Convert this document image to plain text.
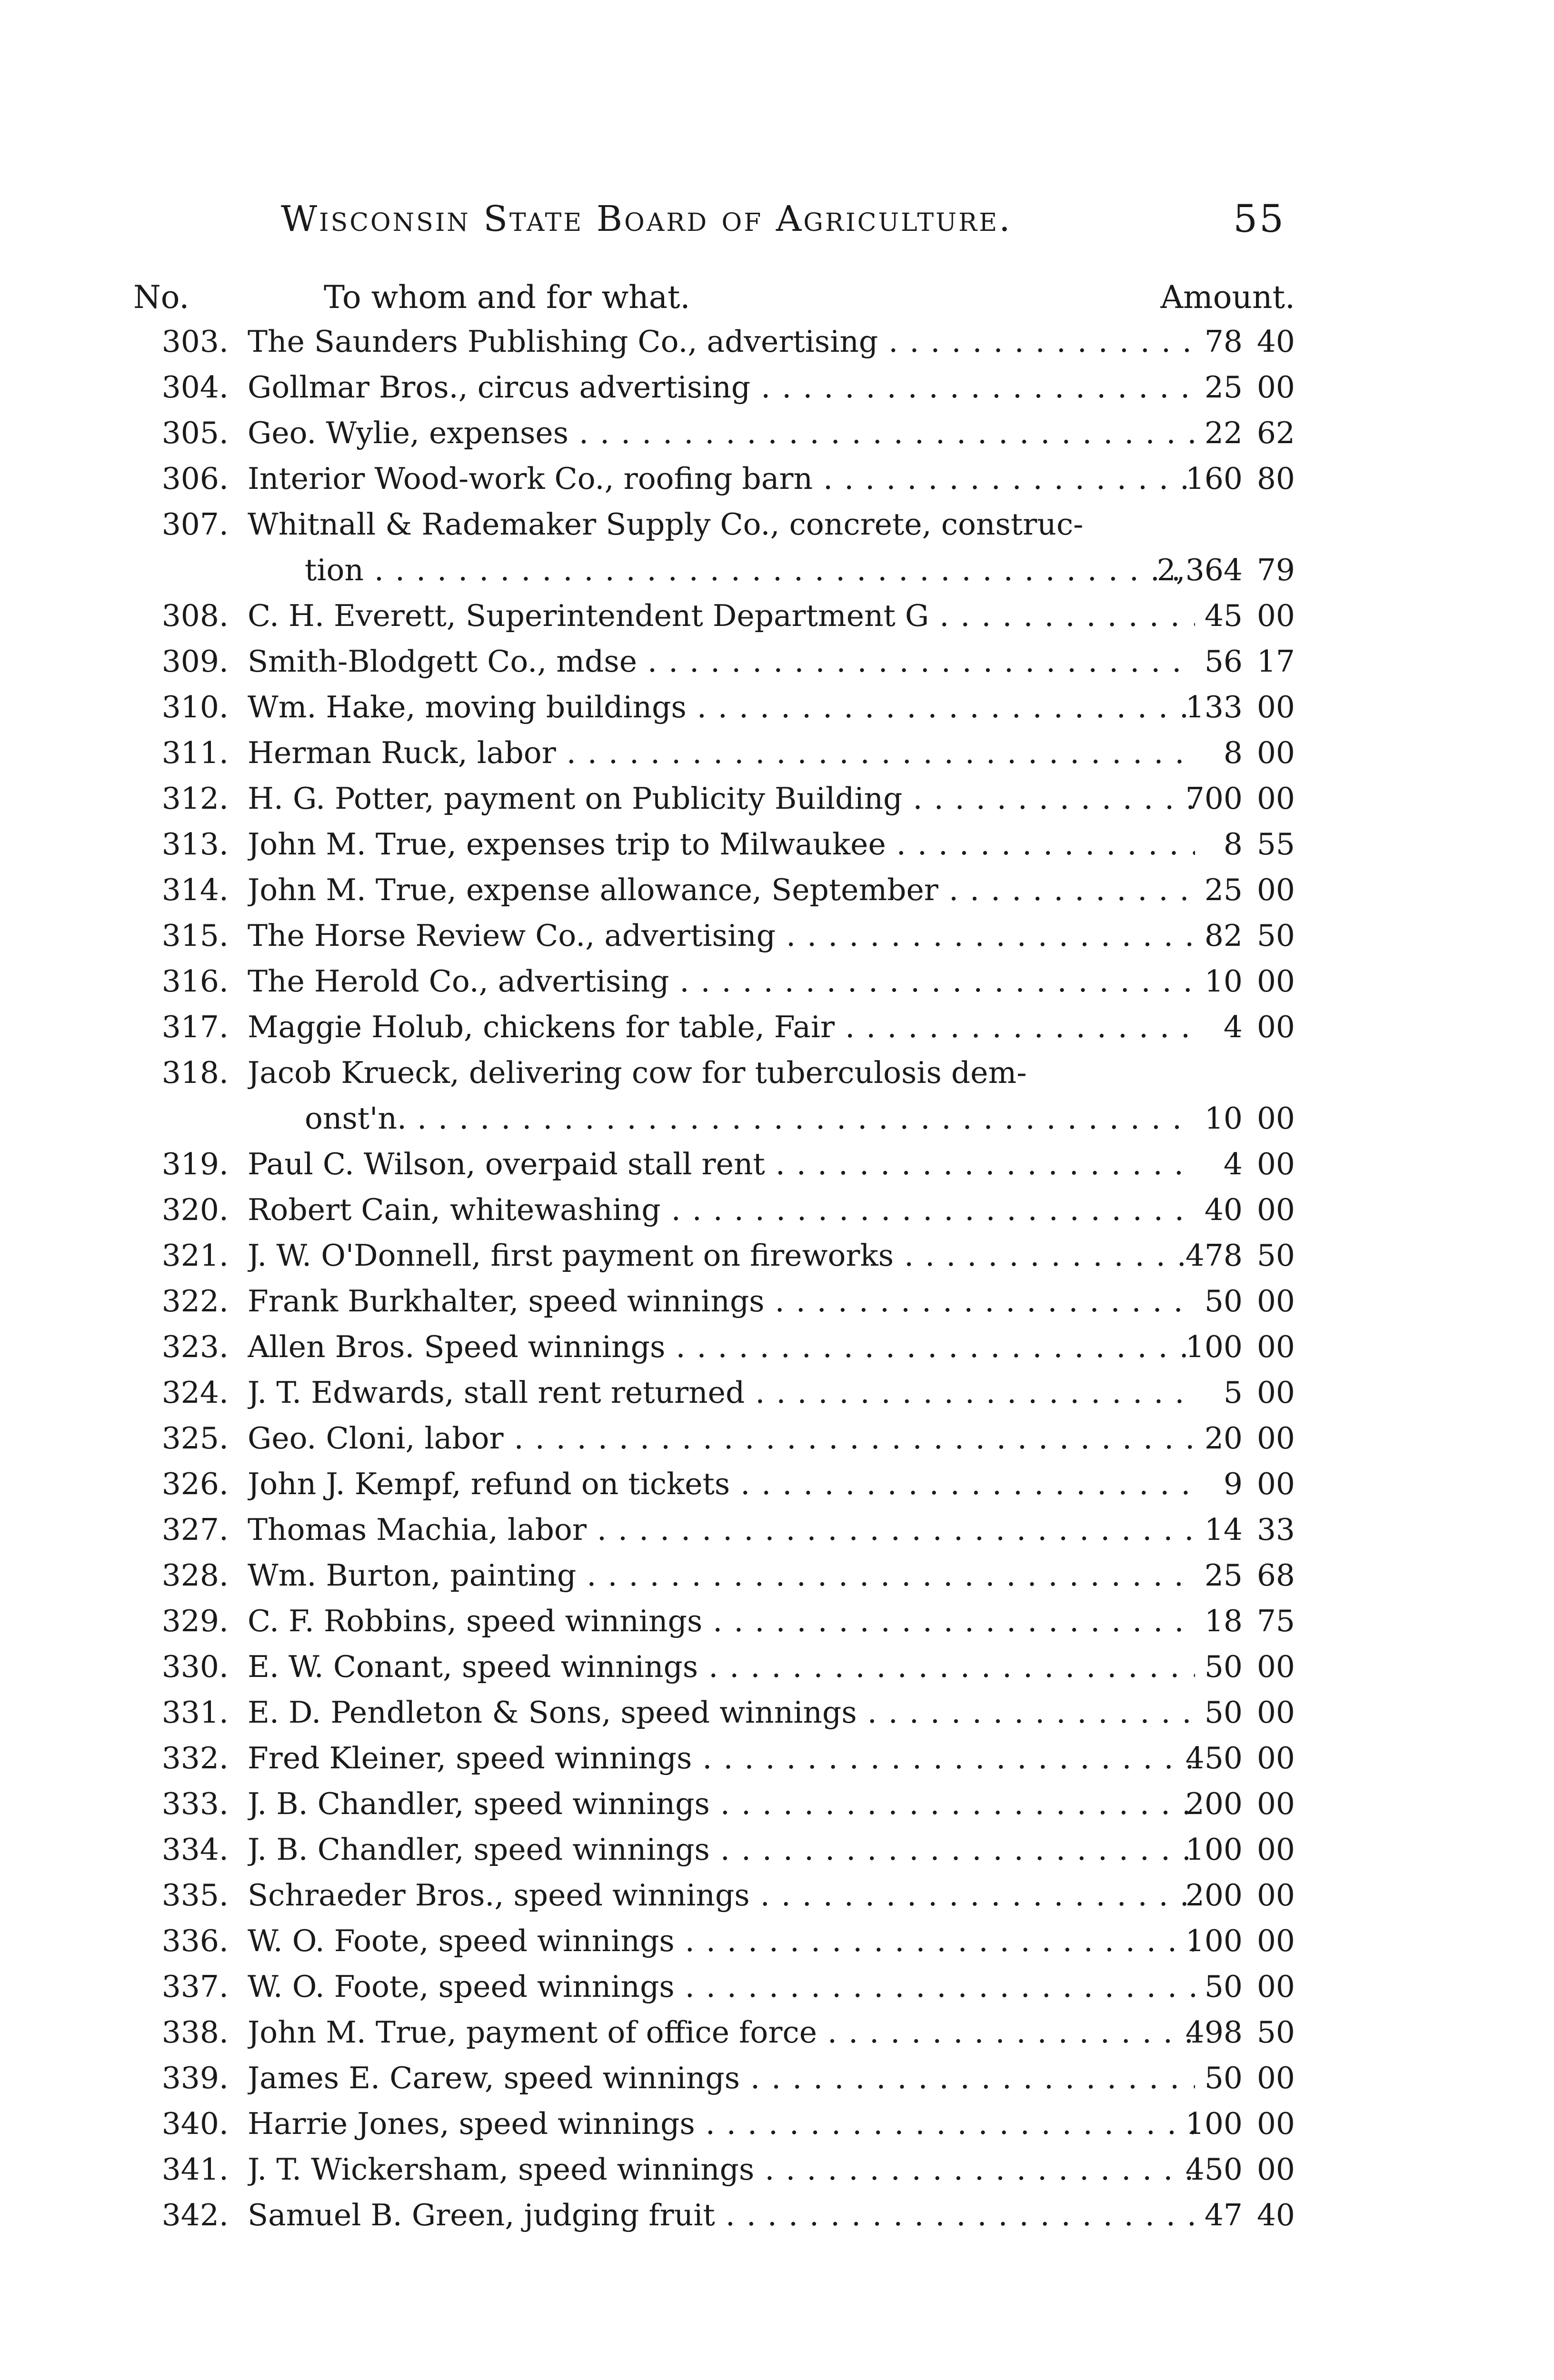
Wisconsin State Board of Agriculture.	55
No.	To whom and for what.	Amount.
303. The Saunders Publishing Co., advertising . . .	78 40
304. Gollmar Bros., circus advertising . . .	25 00
305. Geo. Wylie, expenses . . .	22 62
306. Interior Wood-work Co., roofing barn . . .	160 80
307. Whitnall & Rademaker Supply Co., concrete, construc-
tion . . .	2,364 79
308. C. H. Everett, Superintendent Department G . . .	45 00
309. Smith-Blodgett Co., mdse . . .	56 17
310. Wm. Hake, moving buildings . . .	133 00
311. Herman Ruck, labor . . .	8 00
312. H. G. Potter, payment on Publicity Building . . .	700 00
313. John M. True, expenses trip to Milwaukee . . .	8 55
314. John M. True, expense allowance, September . . .	25 00
315. The Horse Review Co., advertising . . .	82 50
316. The Herold Co., advertising . . .	10 00
317. Maggie Holub, chickens for table, Fair . . .	4 00
318. Jacob Krueck, delivering cow for tuberculosis dem-
onst'n. . . .	10 00
319. Paul C. Wilson, overpaid stall rent . . .	4 00
320. Robert Cain, whitewashing . . .	40 00
321. J. W. O'Donnell, first payment on fireworks . . .	478 50
322. Frank Burkhalter, speed winnings . . .	50 00
323. Allen Bros. Speed winnings . . .	100 00
324. J. T. Edwards, stall rent returned . . .	5 00
325. Geo. Cloni, labor . . .	20 00
326. John J. Kempf, refund on tickets . . .	9 00
327. Thomas Machia, labor . . .	14 33
328. Wm. Burton, painting . . .	25 68
329. C. F. Robbins, speed winnings . . .	18 75
330. E. W. Conant, speed winnings . . .	50 00
331. E. D. Pendleton & Sons, speed winnings . . .	50 00
332. Fred Kleiner, speed winnings . . .	450 00
333. J. B. Chandler, speed winnings . . .	200 00
334. J. B. Chandler, speed winnings . . .	100 00
335. Schraeder Bros., speed winnings . . .	200 00
336. W. O. Foote, speed winnings . . .	100 00
337. W. O. Foote, speed winnings . . .	50 00
338. John M. True, payment of office force . . .	498 50
339. James E. Carew, speed winnings . . .	50 00
340. Harrie Jones, speed winnings . . .	100 00
341. J. T. Wickersham, speed winnings . . .	450 00
342. Samuel B. Green, judging fruit . . .	47 40
